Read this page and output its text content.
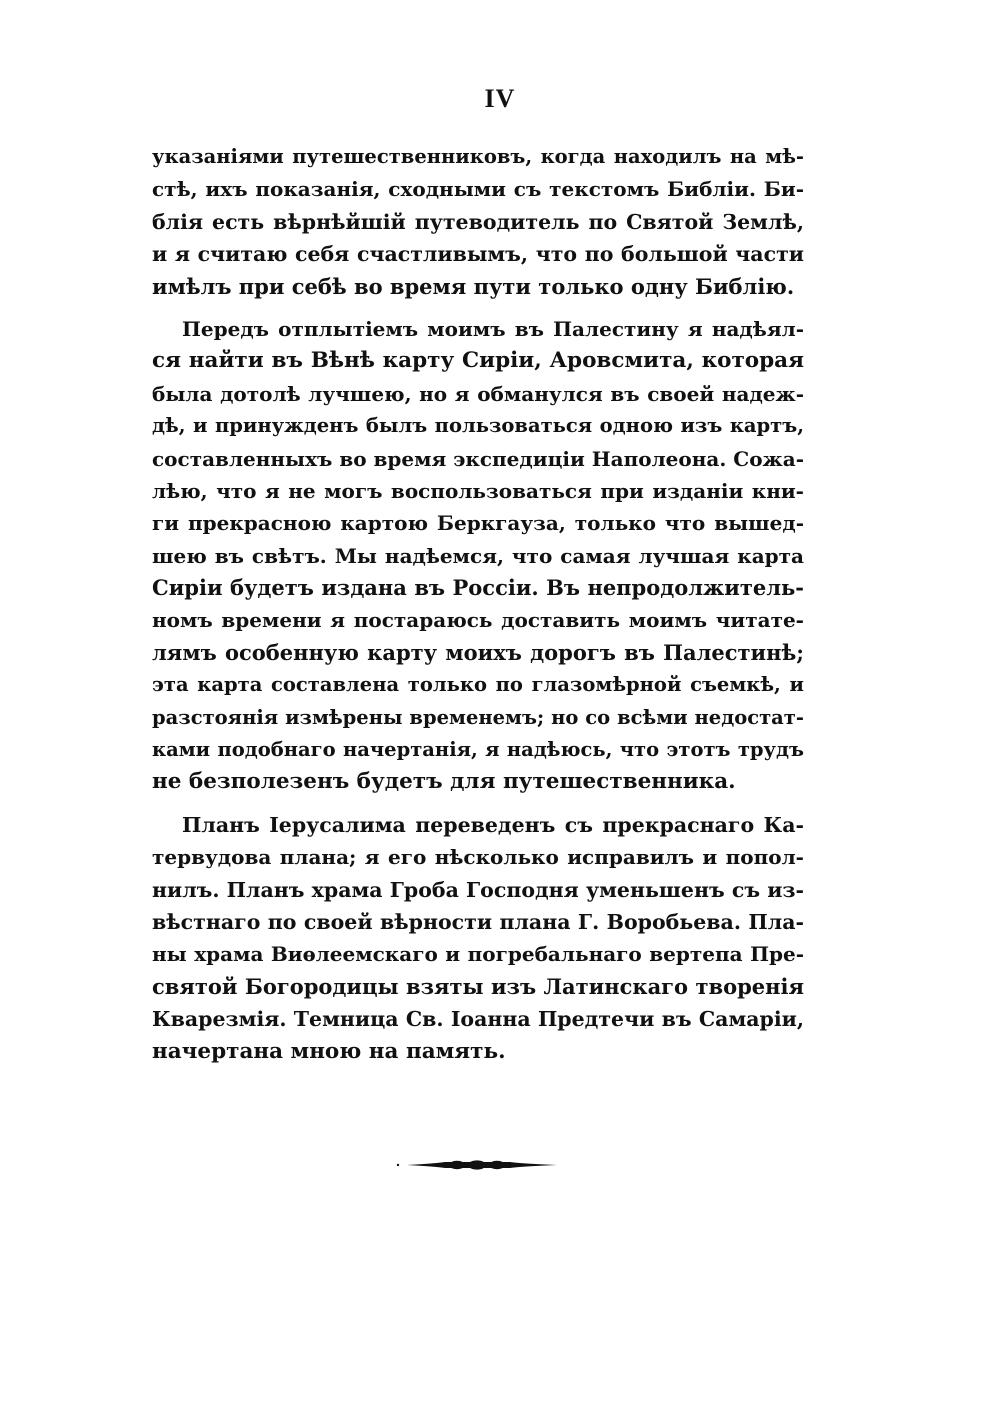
IV
указаніями путешественниковъ, когда находилъ на мѣ-
стѣ, ихъ показанія, сходными съ текстомъ Библіи. Би-
блія есть вѣрнѣйшій путеводитель по Святой Землѣ,
и я считаю себя счастливымъ, что по большой части
имѣлъ при себѣ во время пути только одну Библію.
Передъ отплытіемъ моимъ въ Палестину я надѣял-
ся найти въ Вѣнѣ карту Сиріи, Аровсмита, которая
была дотолѣ лучшею, но я обманулся въ своей надеж-
дѣ, и принужденъ былъ пользоваться одною изъ картъ,
составленныхъ во время экспедиціи Наполеона. Сожа-
лѣю, что я не могъ воспользоваться при изданіи кни-
ги прекрасною картою Беркгауза, только что вышед-
шею въ свѣтъ. Мы надѣемся, что самая лучшая карта
Сиріи будетъ издана въ Россіи. Въ непродолжитель-
номъ времени я постараюсь доставить моимъ читате-
лямъ особенную карту моихъ дорогъ въ Палестинѣ;
эта карта составлена только по глазомѣрной съемкѣ, и
разстоянія измѣрены временемъ; но со всѣми недостат-
ками подобнаго начертанія, я надѣюсь, что этотъ трудъ
не безполезенъ будетъ для путешественника.
Планъ Іерусалима переведенъ съ прекраснаго Ка-
тервудова плана; я его нѣсколько исправилъ и попол-
нилъ. Планъ храма Гроба Господня уменьшенъ съ из-
вѣстнаго по своей вѣрности плана Г. Воробьева. Пла-
ны храма Виѳлеемскаго и погребальнаго вертепа Пре-
святой Богородицы взяты изъ Латинскаго творенія
Кварезмія. Темница Св. Іоанна Предтечи въ Самаріи,
начертана мною на память.
